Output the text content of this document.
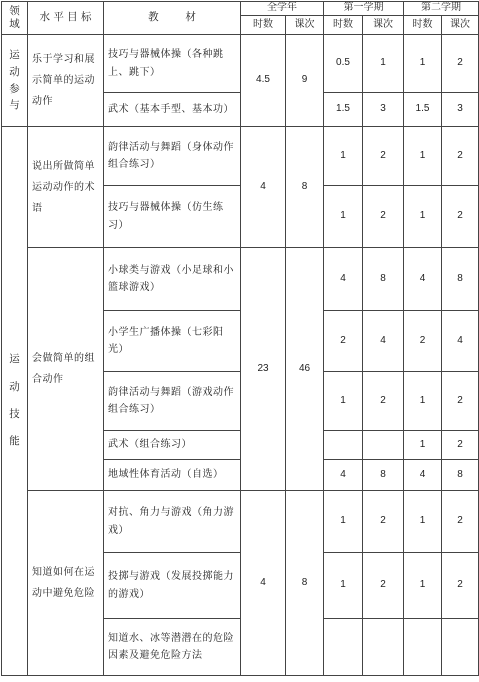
领
域	水 平 目 标	教        材	全学年		第一学期		第二学期	
			时数	课次	时数	课次	时数	课次
运
动
参
与	乐于学习和展示简单的运动动作	技巧与器械体操（各种跳上、跳下）	4.5	9	0.5	1	1	2
		武术（基本手型、基本功）			1.5	3	1.5	3
运
动
技
能	说出所做简单运动动作的术语	韵律活动与舞蹈（身体动作组合练习）	4	8	1	2	1	2
		技巧与器械体操（仿生练习）			1	2	1	2
	会做简单的组合动作	小球类与游戏（小足球和小篮球游戏）	23	46	4	8	4	8
		小学生广播体操（七彩阳光）			2	4	2	4
		韵律活动与舞蹈（游戏动作组合练习）			1	2	1	2
		武术（组合练习）					1	2
		地域性体育活动（自选）			4	8	4	8
	知道如何在运动中避免危险	对抗、角力与游戏（角力游戏）	4	8	1	2	1	2
		投掷与游戏（发展投掷能力的游戏）			1	2	1	2
		知道水、冰等潜潜在的危险因素及避免危险方法						
